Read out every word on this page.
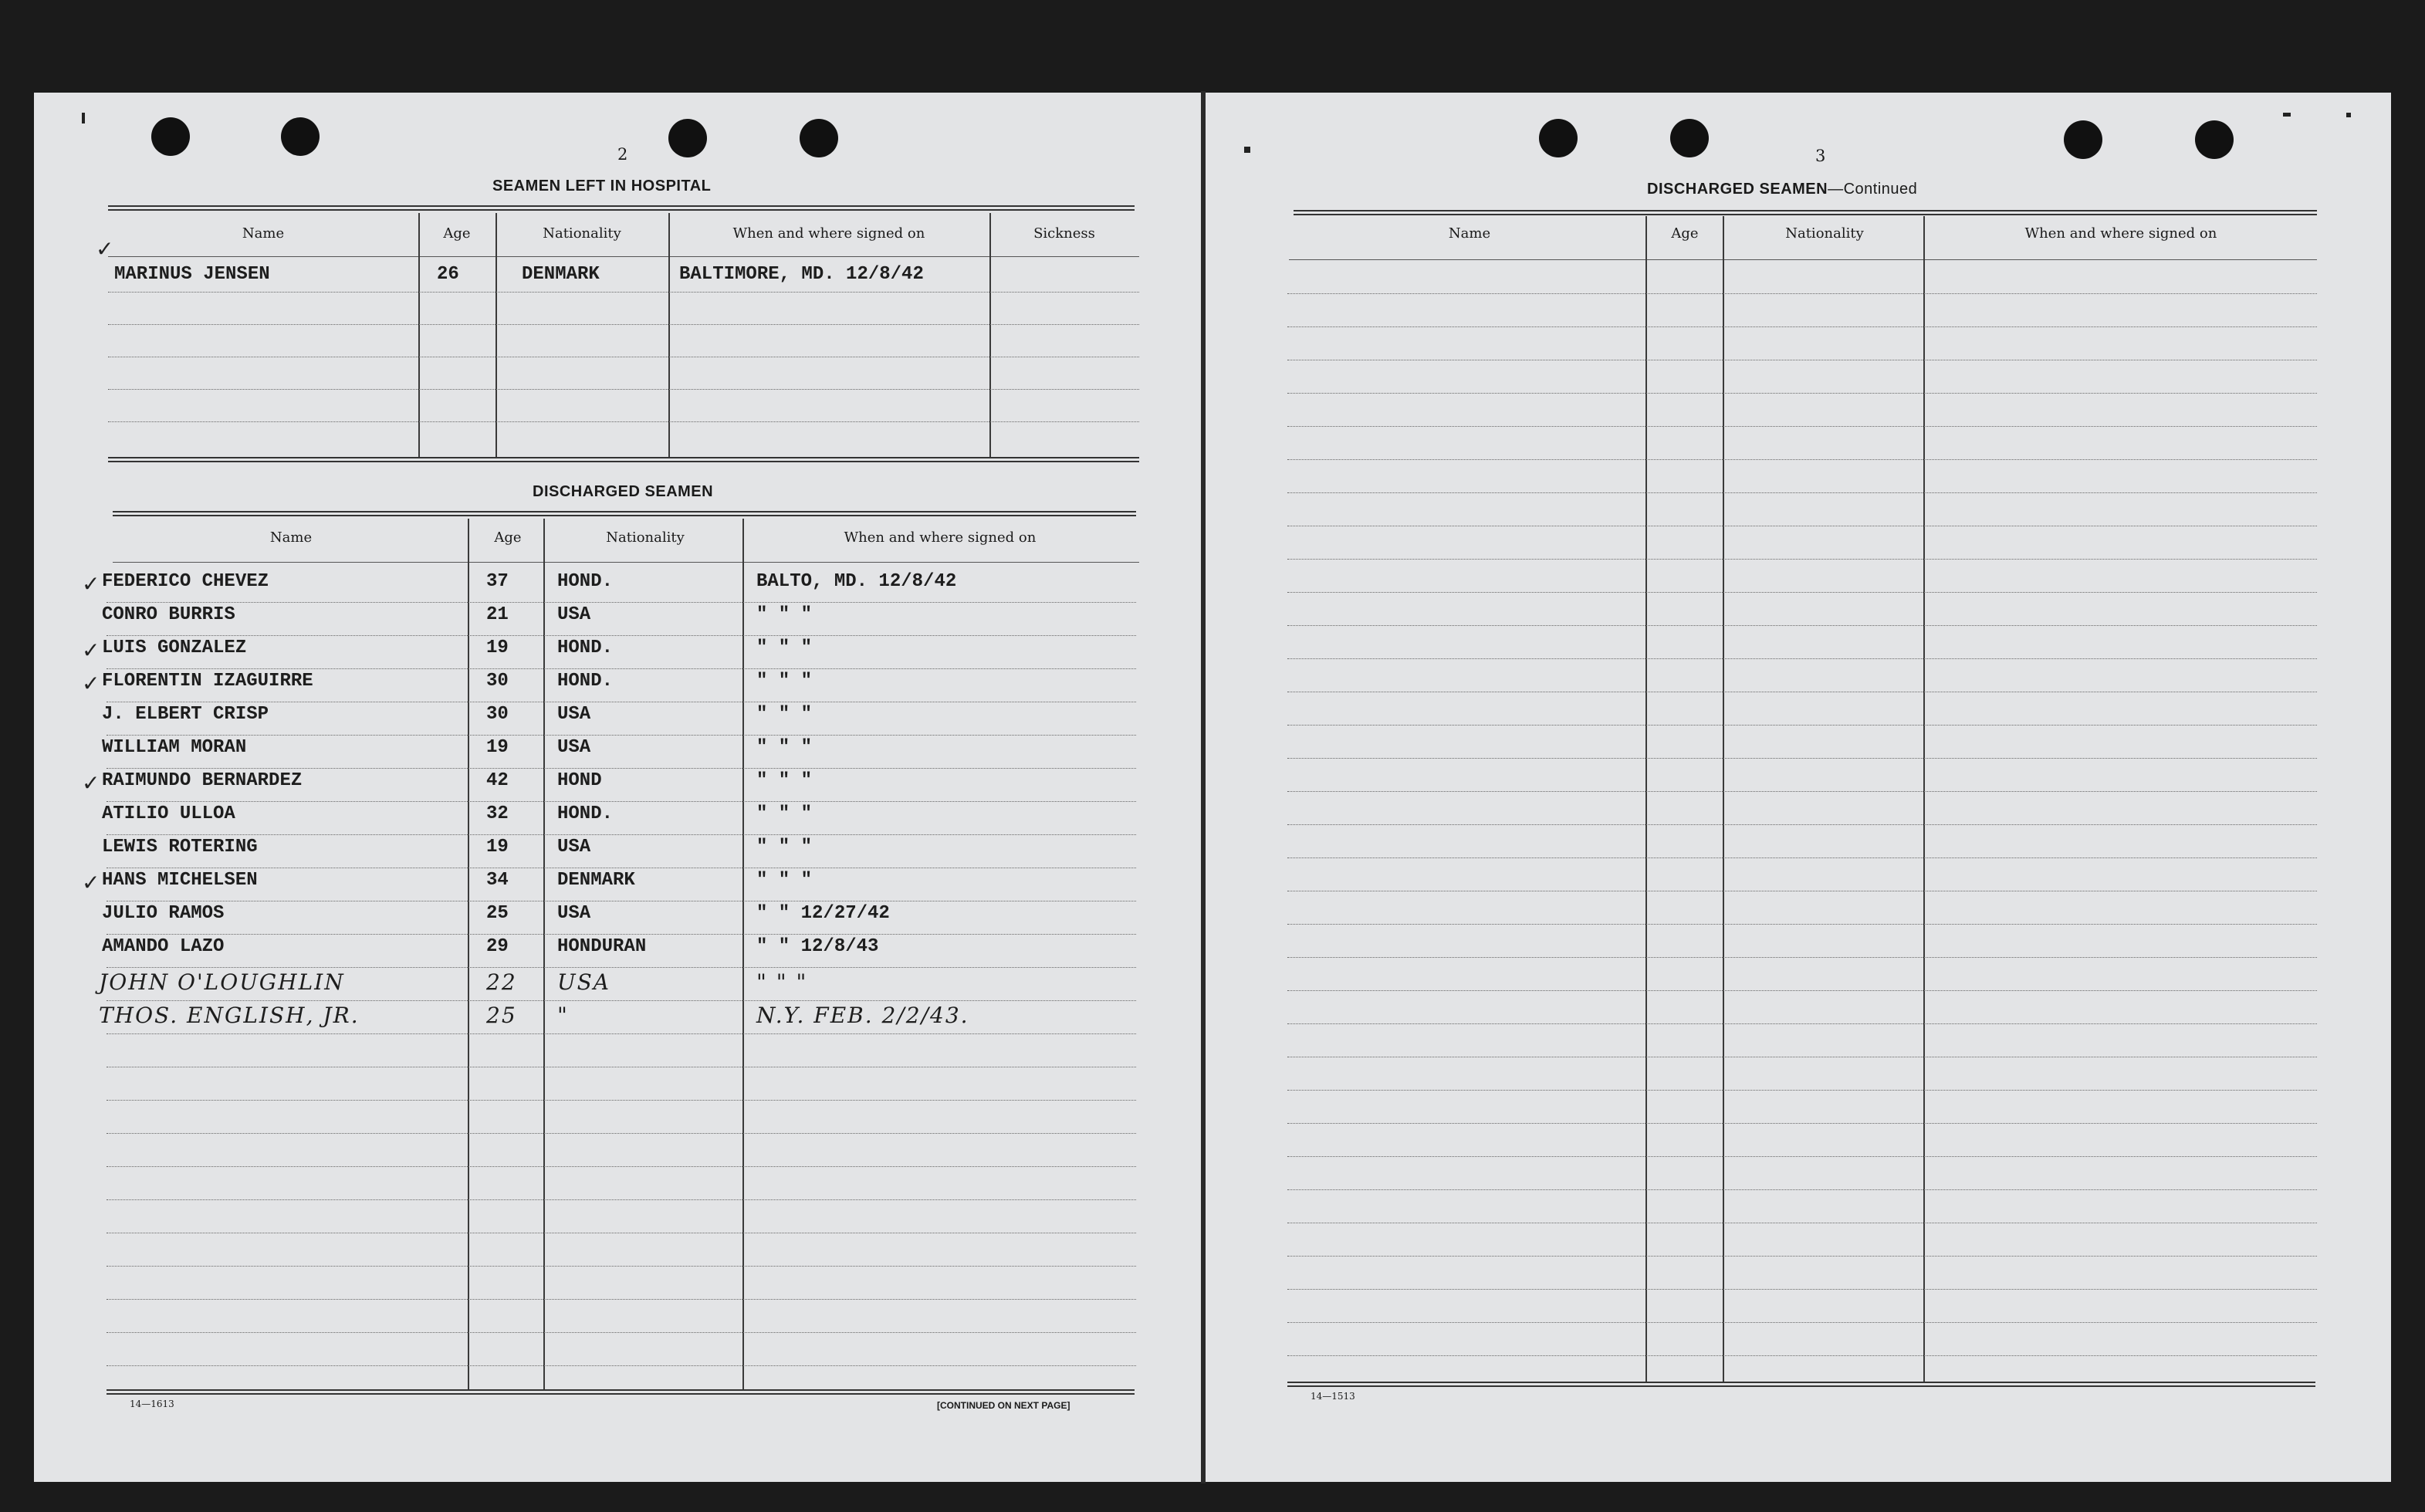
2
SEAMEN LEFT IN HOSPITAL
Name	Age	Nationality	When and where signed on	Sickness
✓
MARINUS JENSEN	26	DENMARK	BALTIMORE, MD. 12/8/42
DISCHARGED SEAMEN
Name	Age	Nationality	When and where signed on
✓ FEDERICO CHEVEZ	37	HOND.	BALTO, MD. 12/8/42
CONRO BURRIS	21	USA	" " "
✓ LUIS GONZALEZ	19	HOND.	" " "
✓ FLORENTIN IZAGUIRRE	30	HOND.	" " "
J. ELBERT CRISP	30	USA	" " "
WILLIAM MORAN	19	USA	" " "
✓ RAIMUNDO BERNARDEZ	42	HOND	" " "
ATILIO ULLOA	32	HOND.	" " "
LEWIS ROTERING	19	USA	" " "
✓ HANS MICHELSEN	34	DENMARK	" " "
JULIO RAMOS	25	USA	" " 12/27/42
AMANDO LAZO	29	HONDURAN	" " 12/8/43
JOHN O'LOUGHLIN	22 USA	" " "
THOS. ENGLISH, JR.	25 "	N.Y. FEB. 2/2/43.
14—1613	[CONTINUED ON NEXT PAGE]
3
DISCHARGED SEAMEN—Continued
Name	Age	Nationality	When and where signed on
14—1513
